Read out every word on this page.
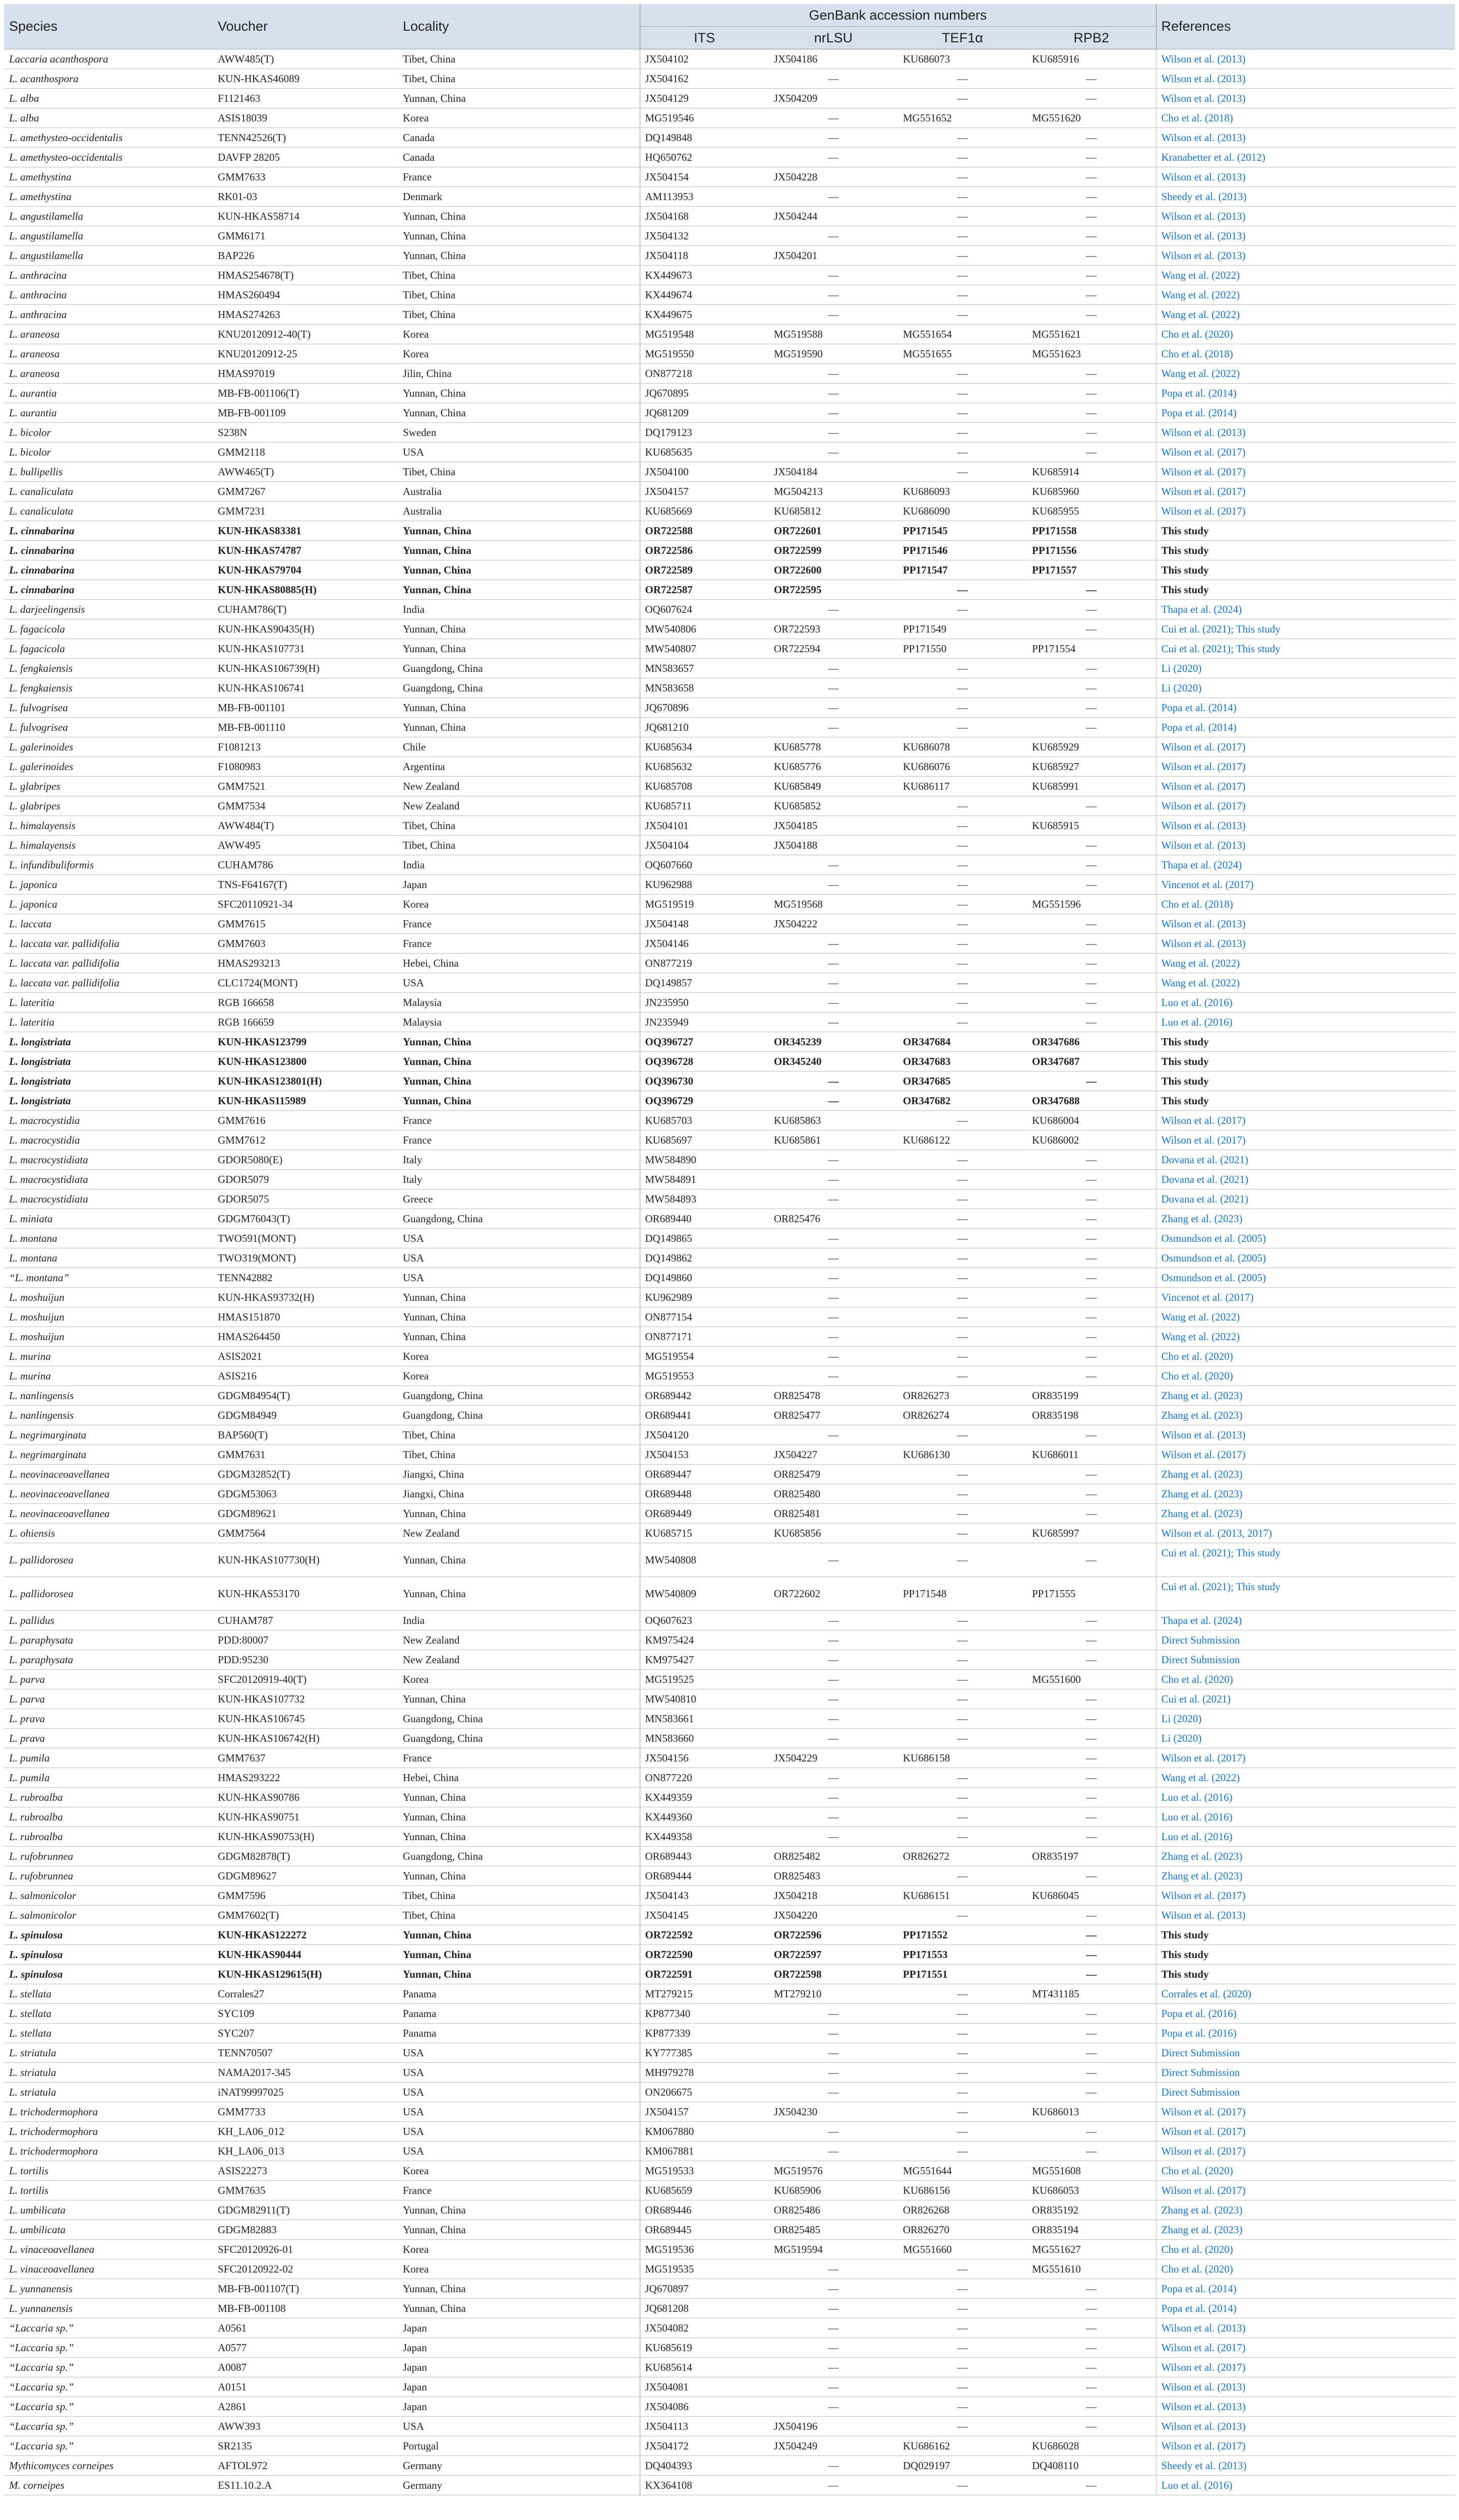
Species	Voucher	Locality	GenBank accession numbers				References
			ITS	nrLSU	TEF1α	RPB2	
Laccaria acanthospora	AWW485(T)	Tibet, China	JX504102	JX504186	KU686073	KU685916	Wilson et al. (2013)
L. acanthospora	KUN-HKAS46089	Tibet, China	JX504162	—	—	—	Wilson et al. (2013)
L. alba	F1121463	Yunnan, China	JX504129	JX504209	—	—	Wilson et al. (2013)
L. alba	ASIS18039	Korea	MG519546	—	MG551652	MG551620	Cho et al. (2018)
L. amethysteo-occidentalis	TENN42526(T)	Canada	DQ149848	—	—	—	Wilson et al. (2013)
L. amethysteo-occidentalis	DAVFP 28205	Canada	HQ650762	—	—	—	Kranabetter et al. (2012)
L. amethystina	GMM7633	France	JX504154	JX504228	—	—	Wilson et al. (2013)
L. amethystina	RK01-03	Denmark	AM113953	—	—	—	Sheedy et al. (2013)
L. angustilamella	KUN-HKAS58714	Yunnan, China	JX504168	JX504244	—	—	Wilson et al. (2013)
L. angustilamella	GMM6171	Yunnan, China	JX504132	—	—	—	Wilson et al. (2013)
L. angustilamella	BAP226	Yunnan, China	JX504118	JX504201	—	—	Wilson et al. (2013)
L. anthracina	HMAS254678(T)	Tibet, China	KX449673	—	—	—	Wang et al. (2022)
L. anthracina	HMAS260494	Tibet, China	KX449674	—	—	—	Wang et al. (2022)
L. anthracina	HMAS274263	Tibet, China	KX449675	—	—	—	Wang et al. (2022)
L. araneosa	KNU20120912-40(T)	Korea	MG519548	MG519588	MG551654	MG551621	Cho et al. (2020)
L. araneosa	KNU20120912-25	Korea	MG519550	MG519590	MG551655	MG551623	Cho et al. (2018)
L. araneosa	HMAS97019	Jilin, China	ON877218	—	—	—	Wang et al. (2022)
L. aurantia	MB-FB-001106(T)	Yunnan, China	JQ670895	—	—	—	Popa et al. (2014)
L. aurantia	MB-FB-001109	Yunnan, China	JQ681209	—	—	—	Popa et al. (2014)
L. bicolor	S238N	Sweden	DQ179123	—	—	—	Wilson et al. (2013)
L. bicolor	GMM2118	USA	KU685635	—	—	—	Wilson et al. (2017)
L. bullipellis	AWW465(T)	Tibet, China	JX504100	JX504184	—	KU685914	Wilson et al. (2017)
L. canaliculata	GMM7267	Australia	JX504157	MG504213	KU686093	KU685960	Wilson et al. (2017)
L. canaliculata	GMM7231	Australia	KU685669	KU685812	KU686090	KU685955	Wilson et al. (2017)
L. cinnabarina	KUN-HKAS83381	Yunnan, China	OR722588	OR722601	PP171545	PP171558	This study
L. cinnabarina	KUN-HKAS74787	Yunnan, China	OR722586	OR722599	PP171546	PP171556	This study
L. cinnabarina	KUN-HKAS79704	Yunnan, China	OR722589	OR722600	PP171547	PP171557	This study
L. cinnabarina	KUN-HKAS80885(H)	Yunnan, China	OR722587	OR722595	—	—	This study
L. darjeelingensis	CUHAM786(T)	India	OQ607624	—	—	—	Thapa et al. (2024)
L. fagacicola	KUN-HKAS90435(H)	Yunnan, China	MW540806	OR722593	PP171549	—	Cui et al. (2021); This study
L. fagacicola	KUN-HKAS107731	Yunnan, China	MW540807	OR722594	PP171550	PP171554	Cui et al. (2021); This study
L. fengkaiensis	KUN-HKAS106739(H)	Guangdong, China	MN583657	—	—	—	Li (2020)
L. fengkaiensis	KUN-HKAS106741	Guangdong, China	MN583658	—	—	—	Li (2020)
L. fulvogrisea	MB-FB-001101	Yunnan, China	JQ670896	—	—	—	Popa et al. (2014)
L. fulvogrisea	MB-FB-001110	Yunnan, China	JQ681210	—	—	—	Popa et al. (2014)
L. galerinoides	F1081213	Chile	KU685634	KU685778	KU686078	KU685929	Wilson et al. (2017)
L. galerinoides	F1080983	Argentina	KU685632	KU685776	KU686076	KU685927	Wilson et al. (2017)
L. glabripes	GMM7521	New Zealand	KU685708	KU685849	KU686117	KU685991	Wilson et al. (2017)
L. glabripes	GMM7534	New Zealand	KU685711	KU685852	—	—	Wilson et al. (2017)
L. himalayensis	AWW484(T)	Tibet, China	JX504101	JX504185	—	KU685915	Wilson et al. (2013)
L. himalayensis	AWW495	Tibet, China	JX504104	JX504188	—	—	Wilson et al. (2013)
L. infundibuliformis	CUHAM786	India	OQ607660	—	—	—	Thapa et al. (2024)
L. japonica	TNS-F64167(T)	Japan	KU962988	—	—	—	Vincenot et al. (2017)
L. japonica	SFC20110921-34	Korea	MG519519	MG519568	—	MG551596	Cho et al. (2018)
L. laccata	GMM7615	France	JX504148	JX504222	—	—	Wilson et al. (2013)
L. laccata var. pallidifolia	GMM7603	France	JX504146	—	—	—	Wilson et al. (2013)
L. laccata var. pallidifolia	HMAS293213	Hebei, China	ON877219	—	—	—	Wang et al. (2022)
L. laccata var. pallidifolia	CLC1724(MONT)	USA	DQ149857	—	—	—	Wang et al. (2022)
L. lateritia	RGB 166658	Malaysia	JN235950	—	—	—	Luo et al. (2016)
L. lateritia	RGB 166659	Malaysia	JN235949	—	—	—	Luo et al. (2016)
L. longistriata	KUN-HKAS123799	Yunnan, China	OQ396727	OR345239	OR347684	OR347686	This study
L. longistriata	KUN-HKAS123800	Yunnan, China	OQ396728	OR345240	OR347683	OR347687	This study
L. longistriata	KUN-HKAS123801(H)	Yunnan, China	OQ396730	—	OR347685	—	This study
L. longistriata	KUN-HKAS115989	Yunnan, China	OQ396729	—	OR347682	OR347688	This study
L. macrocystidia	GMM7616	France	KU685703	KU685863	—	KU686004	Wilson et al. (2017)
L. macrocystidia	GMM7612	France	KU685697	KU685861	KU686122	KU686002	Wilson et al. (2017)
L. macrocystidiata	GDOR5080(E)	Italy	MW584890	—	—	—	Dovana et al. (2021)
L. macrocystidiata	GDOR5079	Italy	MW584891	—	—	—	Dovana et al. (2021)
L. macrocystidiata	GDOR5075	Greece	MW584893	—	—	—	Dovana et al. (2021)
L. miniata	GDGM76043(T)	Guangdong, China	OR689440	OR825476	—	—	Zhang et al. (2023)
L. montana	TWO591(MONT)	USA	DQ149865	—	—	—	Osmundson et al. (2005)
L. montana	TWO319(MONT)	USA	DQ149862	—	—	—	Osmundson et al. (2005)
“L. montana”	TENN42882	USA	DQ149860	—	—	—	Osmundson et al. (2005)
L. moshuijun	KUN-HKAS93732(H)	Yunnan, China	KU962989	—	—	—	Vincenot et al. (2017)
L. moshuijun	HMAS151870	Yunnan, China	ON877154	—	—	—	Wang et al. (2022)
L. moshuijun	HMAS264450	Yunnan, China	ON877171	—	—	—	Wang et al. (2022)
L. murina	ASIS2021	Korea	MG519554	—	—	—	Cho et al. (2020)
L. murina	ASIS216	Korea	MG519553	—	—	—	Cho et al. (2020)
L. nanlingensis	GDGM84954(T)	Guangdong, China	OR689442	OR825478	OR826273	OR835199	Zhang et al. (2023)
L. nanlingensis	GDGM84949	Guangdong, China	OR689441	OR825477	OR826274	OR835198	Zhang et al. (2023)
L. negrimarginata	BAP560(T)	Tibet, China	JX504120	—	—	—	Wilson et al. (2013)
L. negrimarginata	GMM7631	Tibet, China	JX504153	JX504227	KU686130	KU686011	Wilson et al. (2017)
L. neovinaceoavellanea	GDGM32852(T)	Jiangxi, China	OR689447	OR825479	—	—	Zhang et al. (2023)
L. neovinaceoavellanea	GDGM53063	Jiangxi, China	OR689448	OR825480	—	—	Zhang et al. (2023)
L. neovinaceoavellanea	GDGM89621	Yunnan, China	OR689449	OR825481	—	—	Zhang et al. (2023)
L. ohiensis	GMM7564	New Zealand	KU685715	KU685856	—	KU685997	Wilson et al. (2013, 2017)
L. pallidorosea	KUN-HKAS107730(H)	Yunnan, China	MW540808	—	—	—	Cui et al. (2021); This study
L. pallidorosea	KUN-HKAS53170	Yunnan, China	MW540809	OR722602	PP171548	PP171555	Cui et al. (2021); This study
L. pallidus	CUHAM787	India	OQ607623	—	—	—	Thapa et al. (2024)
L. paraphysata	PDD:80007	New Zealand	KM975424	—	—	—	Direct Submission
L. paraphysata	PDD:95230	New Zealand	KM975427	—	—	—	Direct Submission
L. parva	SFC20120919-40(T)	Korea	MG519525	—	—	MG551600	Cho et al. (2020)
L. parva	KUN-HKAS107732	Yunnan, China	MW540810	—	—	—	Cui et al. (2021)
L. prava	KUN-HKAS106745	Guangdong, China	MN583661	—	—	—	Li (2020)
L. prava	KUN-HKAS106742(H)	Guangdong, China	MN583660	—	—	—	Li (2020)
L. pumila	GMM7637	France	JX504156	JX504229	KU686158	—	Wilson et al. (2017)
L. pumila	HMAS293222	Hebei, China	ON877220	—	—	—	Wang et al. (2022)
L. rubroalba	KUN-HKAS90786	Yunnan, China	KX449359	—	—	—	Luo et al. (2016)
L. rubroalba	KUN-HKAS90751	Yunnan, China	KX449360	—	—	—	Luo et al. (2016)
L. rubroalba	KUN-HKAS90753(H)	Yunnan, China	KX449358	—	—	—	Luo et al. (2016)
L. rufobrunnea	GDGM82878(T)	Guangdong, China	OR689443	OR825482	OR826272	OR835197	Zhang et al. (2023)
L. rufobrunnea	GDGM89627	Yunnan, China	OR689444	OR825483	—	—	Zhang et al. (2023)
L. salmonicolor	GMM7596	Tibet, China	JX504143	JX504218	KU686151	KU686045	Wilson et al. (2017)
L. salmonicolor	GMM7602(T)	Tibet, China	JX504145	JX504220	—	—	Wilson et al. (2013)
L. spinulosa	KUN-HKAS122272	Yunnan, China	OR722592	OR722596	PP171552	—	This study
L. spinulosa	KUN-HKAS90444	Yunnan, China	OR722590	OR722597	PP171553	—	This study
L. spinulosa	KUN-HKAS129615(H)	Yunnan, China	OR722591	OR722598	PP171551	—	This study
L. stellata	Corrales27	Panama	MT279215	MT279210	—	MT431185	Corrales et al. (2020)
L. stellata	SYC109	Panama	KP877340	—	—	—	Popa et al. (2016)
L. stellata	SYC207	Panama	KP877339	—	—	—	Popa et al. (2016)
L. striatula	TENN70507	USA	KY777385	—	—	—	Direct Submission
L. striatula	NAMA2017-345	USA	MH979278	—	—	—	Direct Submission
L. striatula	iNAT99997025	USA	ON206675	—	—	—	Direct Submission
L. trichodermophora	GMM7733	USA	JX504157	JX504230	—	KU686013	Wilson et al. (2017)
L. trichodermophora	KH_LA06_012	USA	KM067880	—	—	—	Wilson et al. (2017)
L. trichodermophora	KH_LA06_013	USA	KM067881	—	—	—	Wilson et al. (2017)
L. tortilis	ASIS22273	Korea	MG519533	MG519576	MG551644	MG551608	Cho et al. (2020)
L. tortilis	GMM7635	France	KU685659	KU685906	KU686156	KU686053	Wilson et al. (2017)
L. umbilicata	GDGM82911(T)	Yunnan, China	OR689446	OR825486	OR826268	OR835192	Zhang et al. (2023)
L. umbilicata	GDGM82883	Yunnan, China	OR689445	OR825485	OR826270	OR835194	Zhang et al. (2023)
L. vinaceoavellanea	SFC20120926-01	Korea	MG519536	MG519594	MG551660	MG551627	Cho et al. (2020)
L. vinaceoavellanea	SFC20120922-02	Korea	MG519535	—	—	MG551610	Cho et al. (2020)
L. yunnanensis	MB-FB-001107(T)	Yunnan, China	JQ670897	—	—	—	Popa et al. (2014)
L. yunnanensis	MB-FB-001108	Yunnan, China	JQ681208	—	—	—	Popa et al. (2014)
“Laccaria sp.”	A0561	Japan	JX504082	—	—	—	Wilson et al. (2013)
“Laccaria sp.”	A0577	Japan	KU685619	—	—	—	Wilson et al. (2017)
“Laccaria sp.”	A0087	Japan	KU685614	—	—	—	Wilson et al. (2017)
“Laccaria sp.”	A0151	Japan	JX504081	—	—	—	Wilson et al. (2013)
“Laccaria sp.”	A2861	Japan	JX504086	—	—	—	Wilson et al. (2013)
“Laccaria sp.”	AWW393	USA	JX504113	JX504196	—	—	Wilson et al. (2013)
“Laccaria sp.”	SR2135	Portugal	JX504172	JX504249	KU686162	KU686028	Wilson et al. (2017)
Mythicomyces corneipes	AFTOL972	Germany	DQ404393	—	DQ029197	DQ408110	Sheedy et al. (2013)
M. corneipes	ES11.10.2.A	Germany	KX364108	—	—	—	Luo et al. (2016)
